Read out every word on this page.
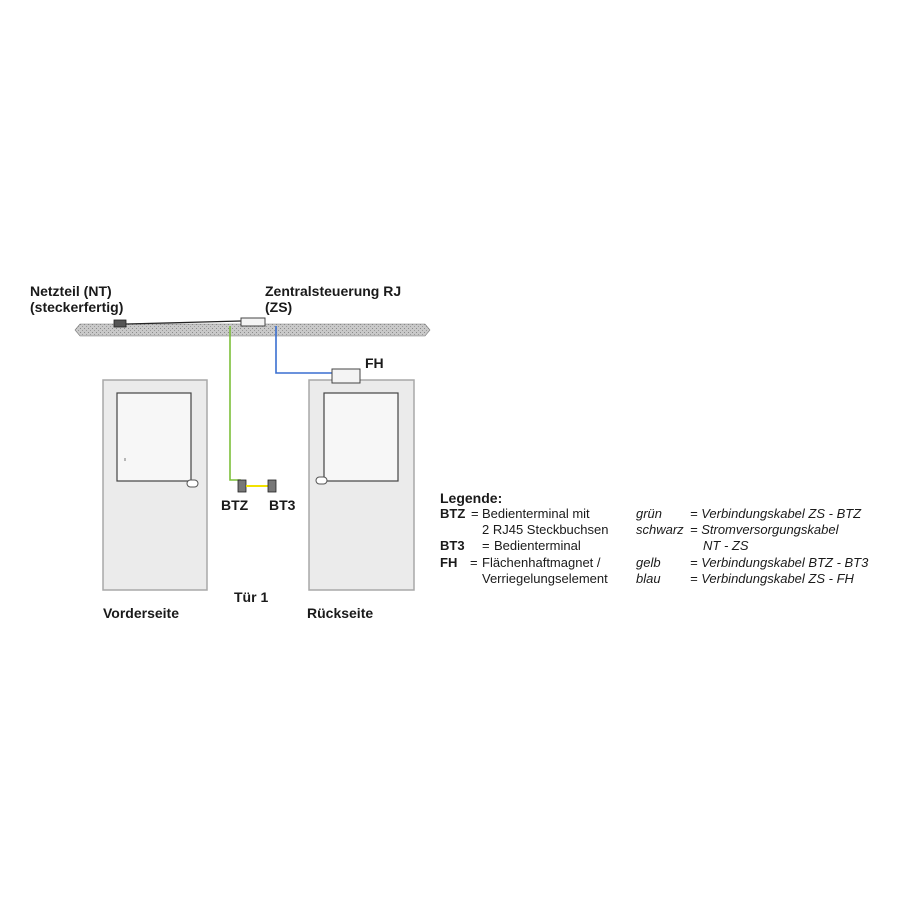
Netzteil (NT)
(steckerfertig)
Zentralsteuerung RJ
(ZS)
FH
BTZ BT3
Tür 1
Vorderseite	Rückseite
Legende:
BTZ = Bedienterminal mit
2 RJ45 Steckbuchsen
BT3 = Bedienterminal
FH = Flächenhaftmagnet /
Verriegelungselement
grün = Verbindungskabel ZS - BTZ
schwarz = Stromversorgungskabel
NT - ZS
gelb = Verbindungskabel BTZ - BT3
blau = Verbindungskabel ZS - FH
